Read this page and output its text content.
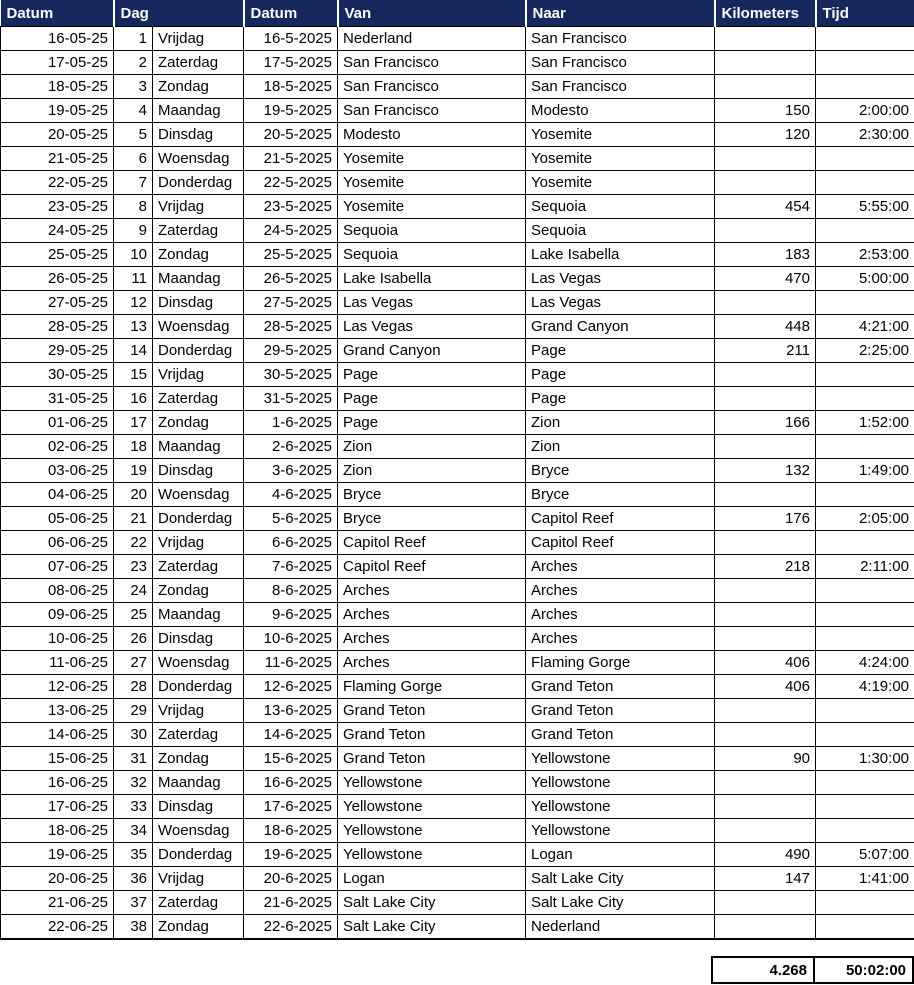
Datum	Dag		Datum	Van	Naar	Kilometers	Tijd
16-05-25	1	Vrijdag	16-5-2025	Nederland	San Francisco		
17-05-25	2	Zaterdag	17-5-2025	San Francisco	San Francisco		
18-05-25	3	Zondag	18-5-2025	San Francisco	San Francisco		
19-05-25	4	Maandag	19-5-2025	San Francisco	Modesto	150	2:00:00
20-05-25	5	Dinsdag	20-5-2025	Modesto	Yosemite	120	2:30:00
21-05-25	6	Woensdag	21-5-2025	Yosemite	Yosemite		
22-05-25	7	Donderdag	22-5-2025	Yosemite	Yosemite		
23-05-25	8	Vrijdag	23-5-2025	Yosemite	Sequoia	454	5:55:00
24-05-25	9	Zaterdag	24-5-2025	Sequoia	Sequoia		
25-05-25	10	Zondag	25-5-2025	Sequoia	Lake Isabella	183	2:53:00
26-05-25	11	Maandag	26-5-2025	Lake Isabella	Las Vegas	470	5:00:00
27-05-25	12	Dinsdag	27-5-2025	Las Vegas	Las Vegas		
28-05-25	13	Woensdag	28-5-2025	Las Vegas	Grand Canyon	448	4:21:00
29-05-25	14	Donderdag	29-5-2025	Grand Canyon	Page	211	2:25:00
30-05-25	15	Vrijdag	30-5-2025	Page	Page		
31-05-25	16	Zaterdag	31-5-2025	Page	Page		
01-06-25	17	Zondag	1-6-2025	Page	Zion	166	1:52:00
02-06-25	18	Maandag	2-6-2025	Zion	Zion		
03-06-25	19	Dinsdag	3-6-2025	Zion	Bryce	132	1:49:00
04-06-25	20	Woensdag	4-6-2025	Bryce	Bryce		
05-06-25	21	Donderdag	5-6-2025	Bryce	Capitol Reef	176	2:05:00
06-06-25	22	Vrijdag	6-6-2025	Capitol Reef	Capitol Reef		
07-06-25	23	Zaterdag	7-6-2025	Capitol Reef	Arches	218	2:11:00
08-06-25	24	Zondag	8-6-2025	Arches	Arches		
09-06-25	25	Maandag	9-6-2025	Arches	Arches		
10-06-25	26	Dinsdag	10-6-2025	Arches	Arches		
11-06-25	27	Woensdag	11-6-2025	Arches	Flaming Gorge	406	4:24:00
12-06-25	28	Donderdag	12-6-2025	Flaming Gorge	Grand Teton	406	4:19:00
13-06-25	29	Vrijdag	13-6-2025	Grand Teton	Grand Teton		
14-06-25	30	Zaterdag	14-6-2025	Grand Teton	Grand Teton		
15-06-25	31	Zondag	15-6-2025	Grand Teton	Yellowstone	90	1:30:00
16-06-25	32	Maandag	16-6-2025	Yellowstone	Yellowstone		
17-06-25	33	Dinsdag	17-6-2025	Yellowstone	Yellowstone		
18-06-25	34	Woensdag	18-6-2025	Yellowstone	Yellowstone		
19-06-25	35	Donderdag	19-6-2025	Yellowstone	Logan	490	5:07:00
20-06-25	36	Vrijdag	20-6-2025	Logan	Salt Lake City	147	1:41:00
21-06-25	37	Zaterdag	21-6-2025	Salt Lake City	Salt Lake City		
22-06-25	38	Zondag	22-6-2025	Salt Lake City	Nederland		
4.268	50:02:00
